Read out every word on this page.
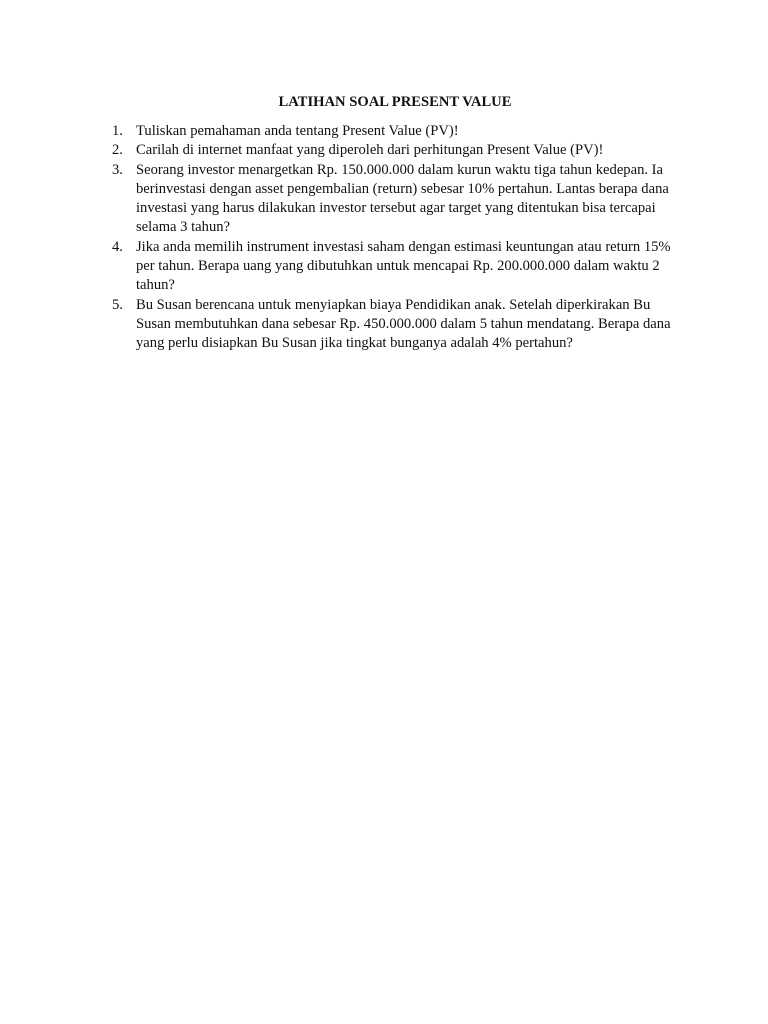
LATIHAN SOAL PRESENT VALUE
1. Tuliskan pemahaman anda tentang Present Value (PV)!
2. Carilah di internet manfaat yang diperoleh dari perhitungan Present Value (PV)!
3. Seorang investor menargetkan Rp. 150.000.000 dalam kurun waktu tiga tahun kedepan. Ia berinvestasi dengan asset pengembalian (return) sebesar 10% pertahun. Lantas berapa dana investasi yang harus dilakukan investor tersebut agar target yang ditentukan bisa tercapai selama 3 tahun?
4. Jika anda memilih instrument investasi saham dengan estimasi keuntungan atau return 15% per tahun. Berapa uang yang dibutuhkan untuk mencapai Rp. 200.000.000 dalam waktu 2 tahun?
5. Bu Susan berencana untuk menyiapkan biaya Pendidikan anak. Setelah diperkirakan Bu Susan membutuhkan dana sebesar Rp. 450.000.000 dalam 5 tahun mendatang. Berapa dana yang perlu disiapkan Bu Susan jika tingkat bunganya adalah 4% pertahun?
